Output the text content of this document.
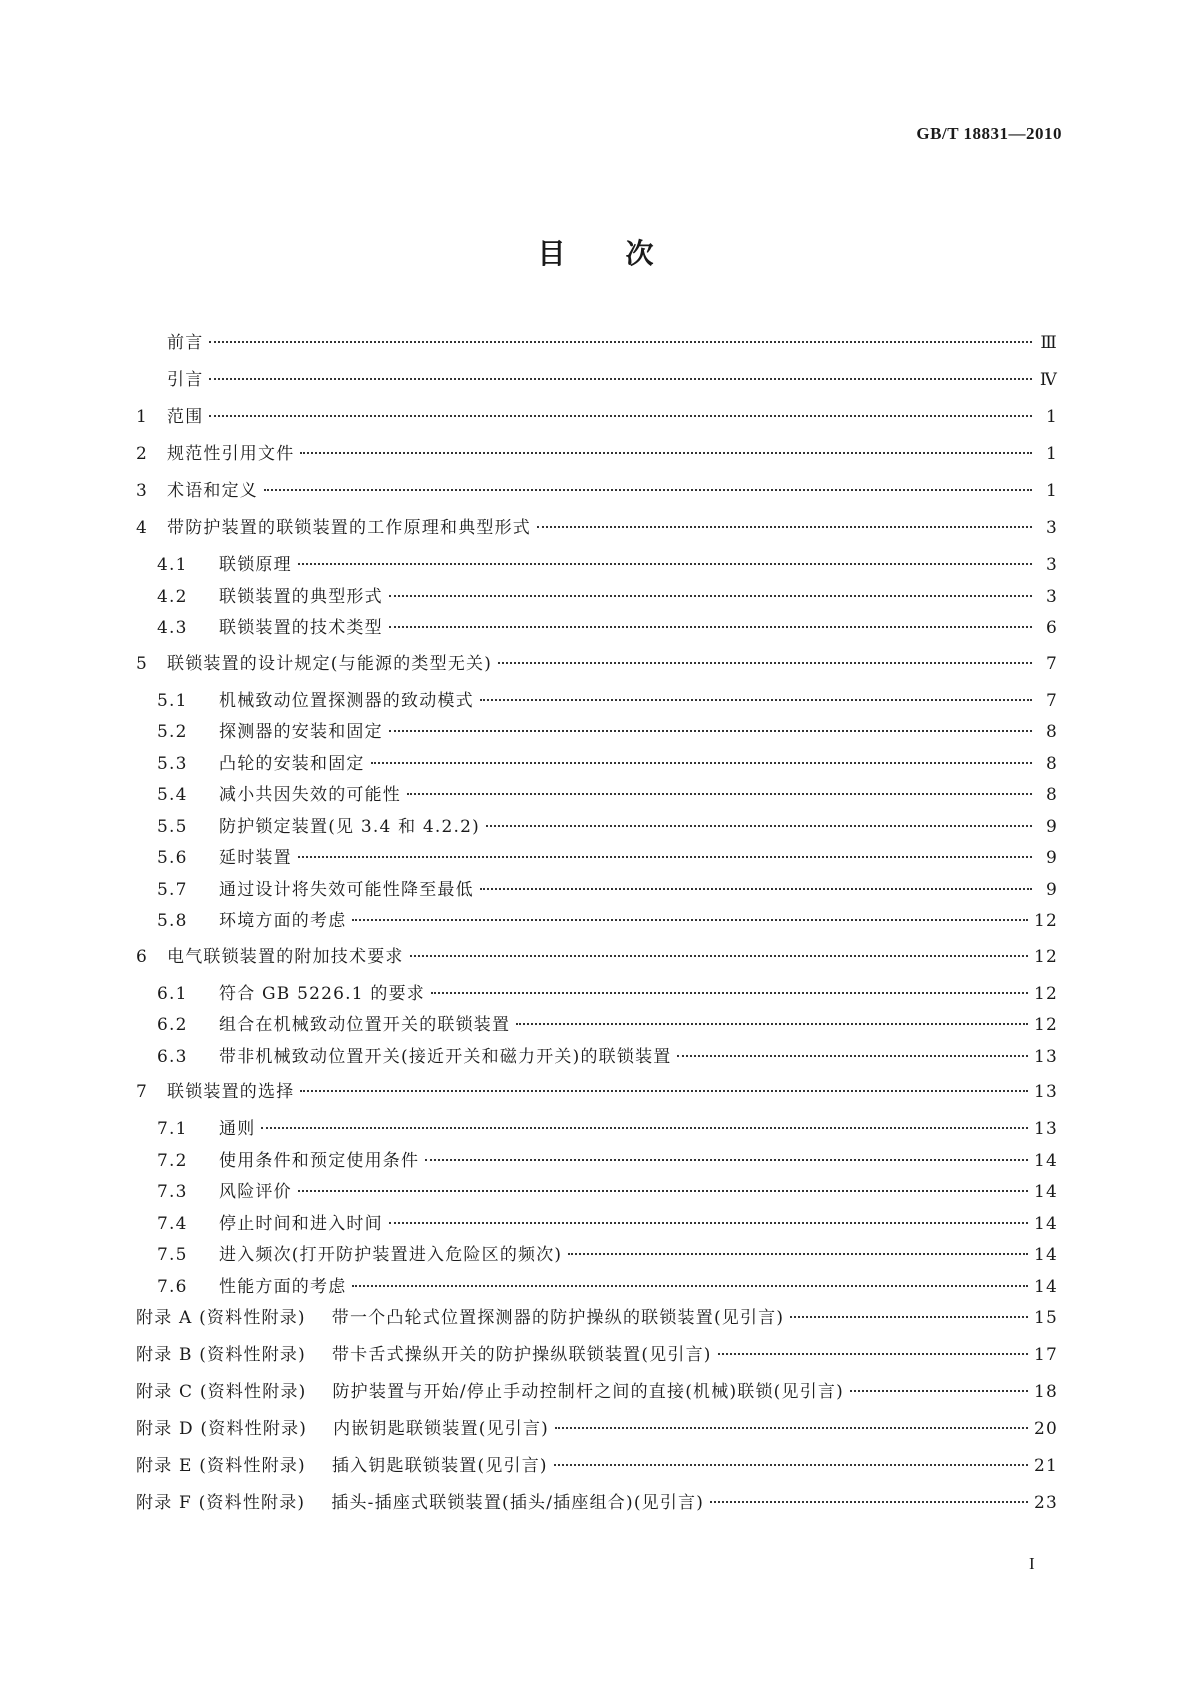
GB/T 18831—2010
目次
前言	Ⅲ
引言	Ⅳ
1	范围	1
2	规范性引用文件	1
3	术语和定义	1
4	带防护装置的联锁装置的工作原理和典型形式	3
4.1	联锁原理	3
4.2	联锁装置的典型形式	3
4.3	联锁装置的技术类型	6
5	联锁装置的设计规定(与能源的类型无关)	7
5.1	机械致动位置探测器的致动模式	7
5.2	探测器的安装和固定	8
5.3	凸轮的安装和固定	8
5.4	减小共因失效的可能性	8
5.5	防护锁定装置(见 3.4 和 4.2.2)	9
5.6	延时装置	9
5.7	通过设计将失效可能性降至最低	9
5.8	环境方面的考虑	12
6	电气联锁装置的附加技术要求	12
6.1	符合 GB 5226.1 的要求	12
6.2	组合在机械致动位置开关的联锁装置	12
6.3	带非机械致动位置开关(接近开关和磁力开关)的联锁装置	13
7	联锁装置的选择	13
7.1	通则	13
7.2	使用条件和预定使用条件	14
7.3	风险评价	14
7.4	停止时间和进入时间	14
7.5	进入频次(打开防护装置进入危险区的频次)	14
7.6	性能方面的考虑	14
附录 A (资料性附录) 带一个凸轮式位置探测器的防护操纵的联锁装置(见引言)	15
附录 B (资料性附录) 带卡舌式操纵开关的防护操纵联锁装置(见引言)	17
附录 C (资料性附录) 防护装置与开始/停止手动控制杆之间的直接(机械)联锁(见引言)	18
附录 D (资料性附录) 内嵌钥匙联锁装置(见引言)	20
附录 E (资料性附录) 插入钥匙联锁装置(见引言)	21
附录 F (资料性附录) 插头-插座式联锁装置(插头/插座组合)(见引言)	23
I
